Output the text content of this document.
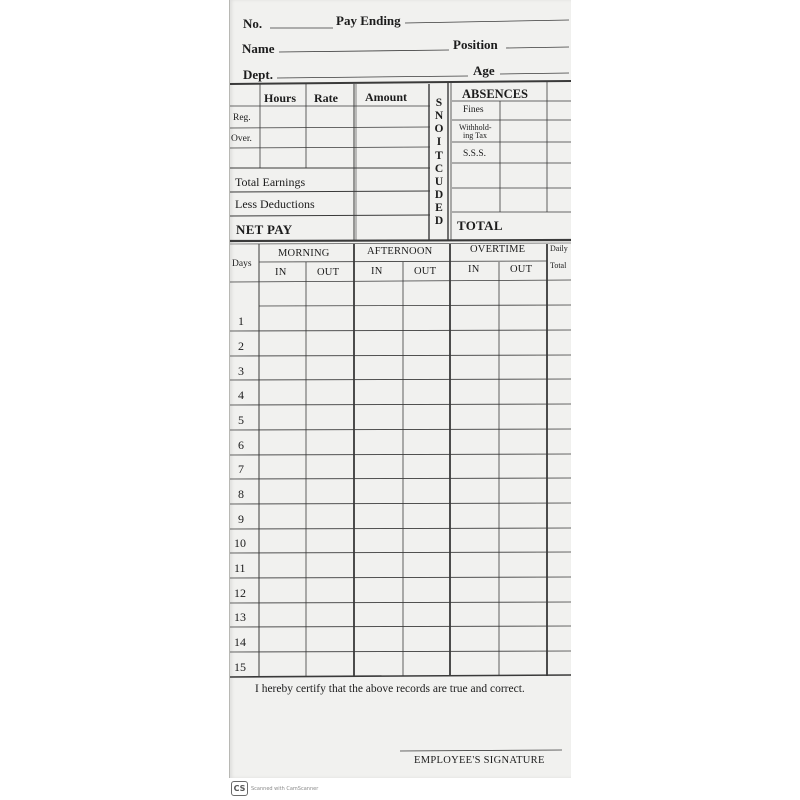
No.	Pay Ending
Name	Position
Dept.	Age
Hours Rate Amount
Reg.
Over.
Total Earnings
Less Deductions
NET PAY
S
N
O
I
T
C
U
D
E
D
ABSENCES
Fines
Withhold-
ing Tax
S.S.S.
TOTAL
Days
MORNING	AFTERNOON	OVERTIME	Daily
Total
IN	OUT	IN	OUT	IN	OUT
1
2
3
4
5
6
7
8
9
10
11
12
13
14
15
I hereby certify that the above records are true and correct.
EMPLOYEE'S SIGNATURE
CS	Scanned with CamScanner
